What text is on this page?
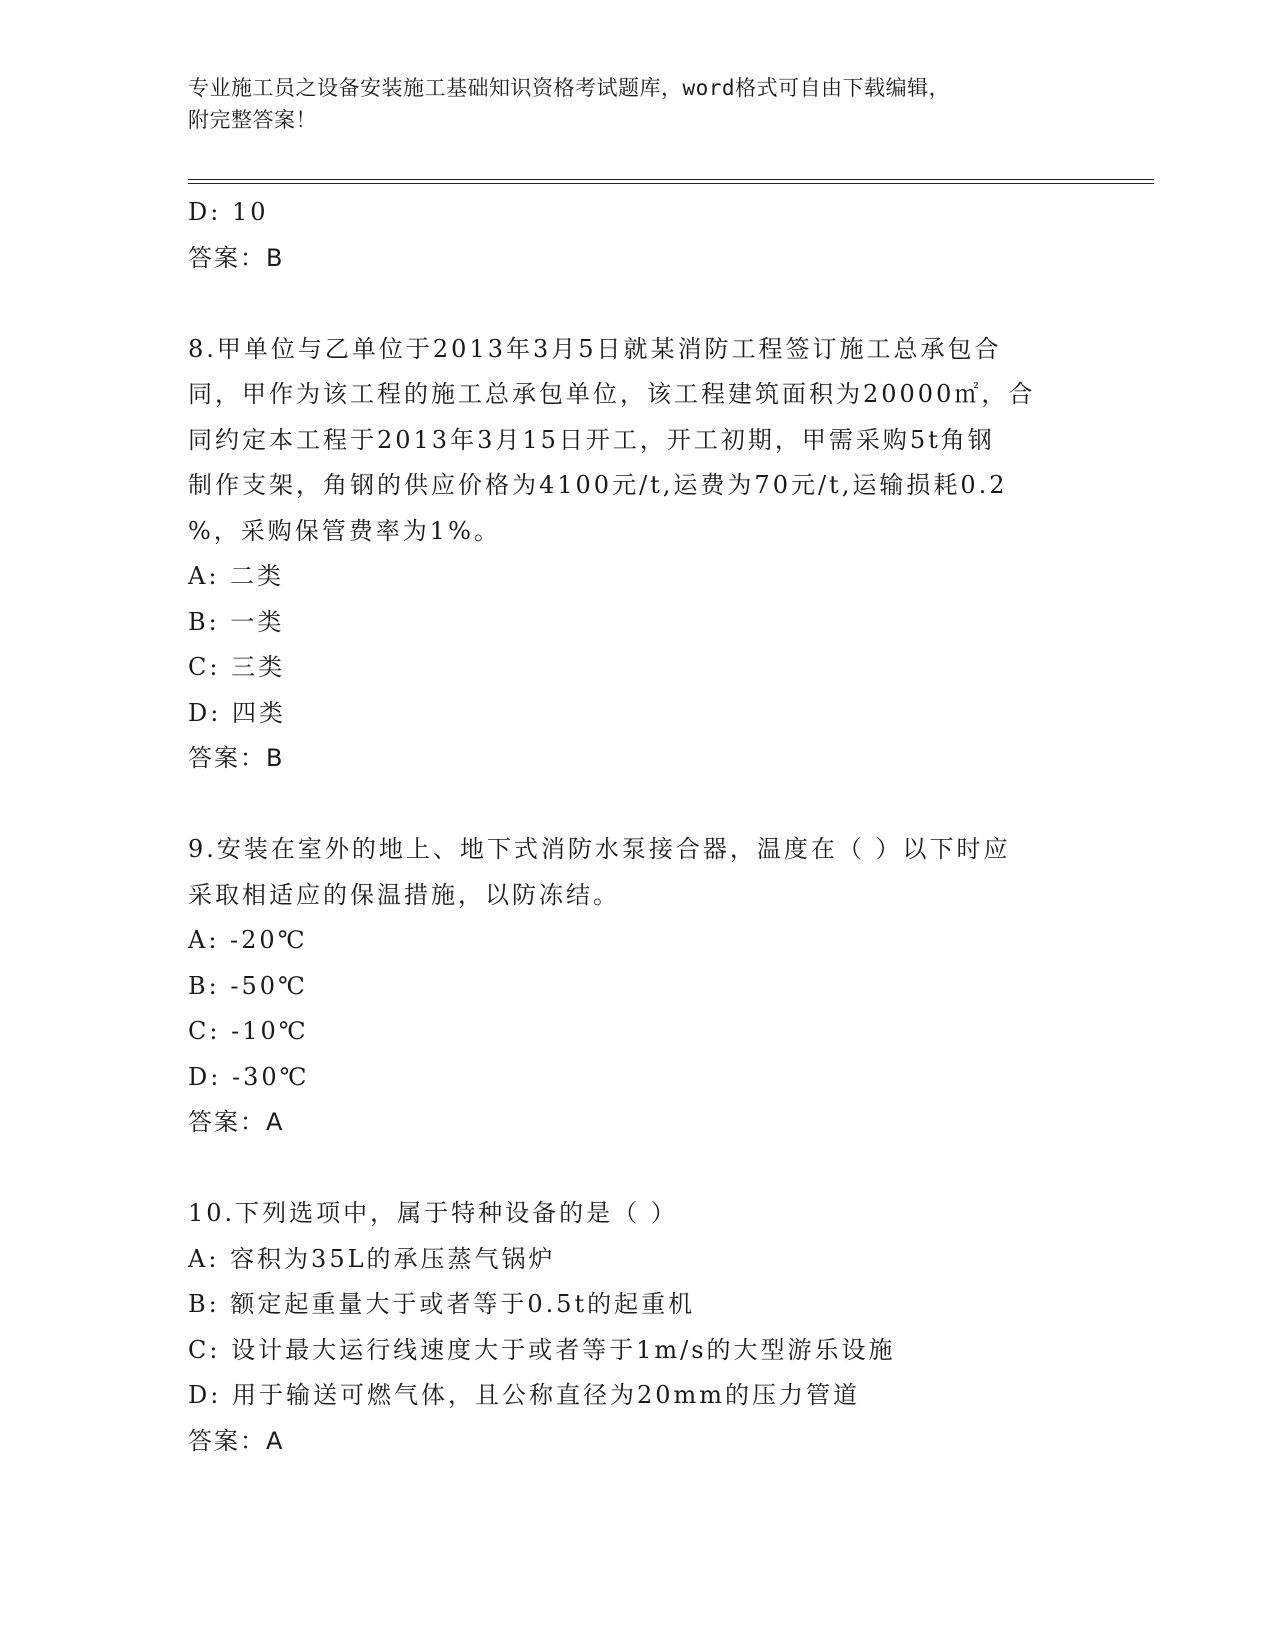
专业施工员之设备安装施工基础知识资格考试题库，word格式可自由下载编辑，
附完整答案！
D: 10
答案：B
8.甲单位与乙单位于2013年3月5日就某消防工程签订施工总承包合
同，甲作为该工程的施工总承包单位，该工程建筑面积为20000㎡，合
同约定本工程于2013年3月15日开工，开工初期，甲需采购5t角钢
制作支架，角钢的供应价格为4100元/t,运费为70元/t,运输损耗0.2
%，采购保管费率为1%。
A: 二类
B: 一类
C: 三类
D: 四类
答案：B
9.安装在室外的地上、地下式消防水泵接合器，温度在（ ）以下时应
采取相适应的保温措施，以防冻结。
A: -20℃
B: -50℃
C: -10℃
D: -30℃
答案：A
10.下列选项中，属于特种设备的是（ ）
A: 容积为35L的承压蒸气锅炉
B: 额定起重量大于或者等于0.5t的起重机
C: 设计最大运行线速度大于或者等于1m/s的大型游乐设施
D: 用于输送可燃气体，且公称直径为20mm的压力管道
答案：A
